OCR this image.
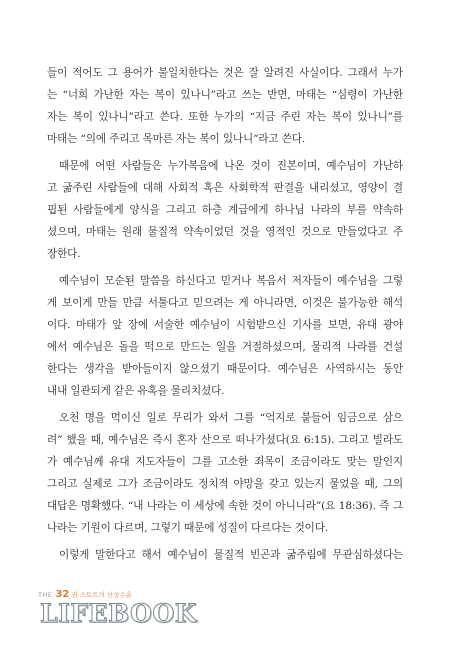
들이 적어도 그 용어가 불일치한다는 것은 잘 알려진 사실이다. 그래서 누가
는 “너희 가난한 자는 복이 있나니”라고 쓰는 반면, 마태는 “심령이 가난한
자는 복이 있나니”라고 쓴다. 또한 누가의 “지금 주린 자는 복이 있나니”를
마태는 “의에 주리고 목마른 자는 복이 있나니”라고 쓴다.

때문에 어떤 사람들은 누가복음에 나온 것이 진본이며, 예수님이 가난하
고 굶주린 사람들에 대해 사회적 혹은 사회학적 판결을 내리셨고, 영양이 결
핍된 사람들에게 양식을 그리고 하층 계급에게 하나님 나라의 부를 약속하
셨으며, 마태는 원래 물질적 약속이었던 것을 영적인 것으로 만들었다고 주
장한다.

예수님이 모순된 말씀을 하신다고 믿거나 복음서 저자들이 예수님을 그렇
게 보이게 만들 만큼 서툴다고 믿으려는 게 아니라면, 이것은 불가능한 해석
이다. 마태가 앞 장에 서술한 예수님이 시험받으신 기사를 보면, 유대 광야
에서 예수님은 돌을 떡으로 만드는 일을 거절하셨으며, 물리적 나라를 건설
한다는 생각을 받아들이지 않으셨기 때문이다. 예수님은 사역하시는 동안
내내 일관되게 같은 유혹을 물리치셨다.

오천 명을 먹이신 일로 무리가 와서 그를 “억지로 붙들어 임금으로 삼으
려” 했을 때, 예수님은 즉시 혼자 산으로 떠나가셨다(요 6:15). 그리고 빌라도
가 예수님께 유대 지도자들이 그를 고소한 죄목이 조금이라도 맞는 말인지
그리고 실제로 그가 조금이라도 정치적 야망을 갖고 있는지 물었을 때, 그의
대답은 명확했다. “내 나라는 이 세상에 속한 것이 아니니라”(요 18:36). 즉 그
나라는 기원이 다르며, 그렇기 때문에 성질이 다르다는 것이다.

이렇게 말한다고 해서 예수님이 물질적 빈곤과 굶주림에 무관심하셨다는

THE 32 권 스토트의 산상수훈
LIFEBOOK
